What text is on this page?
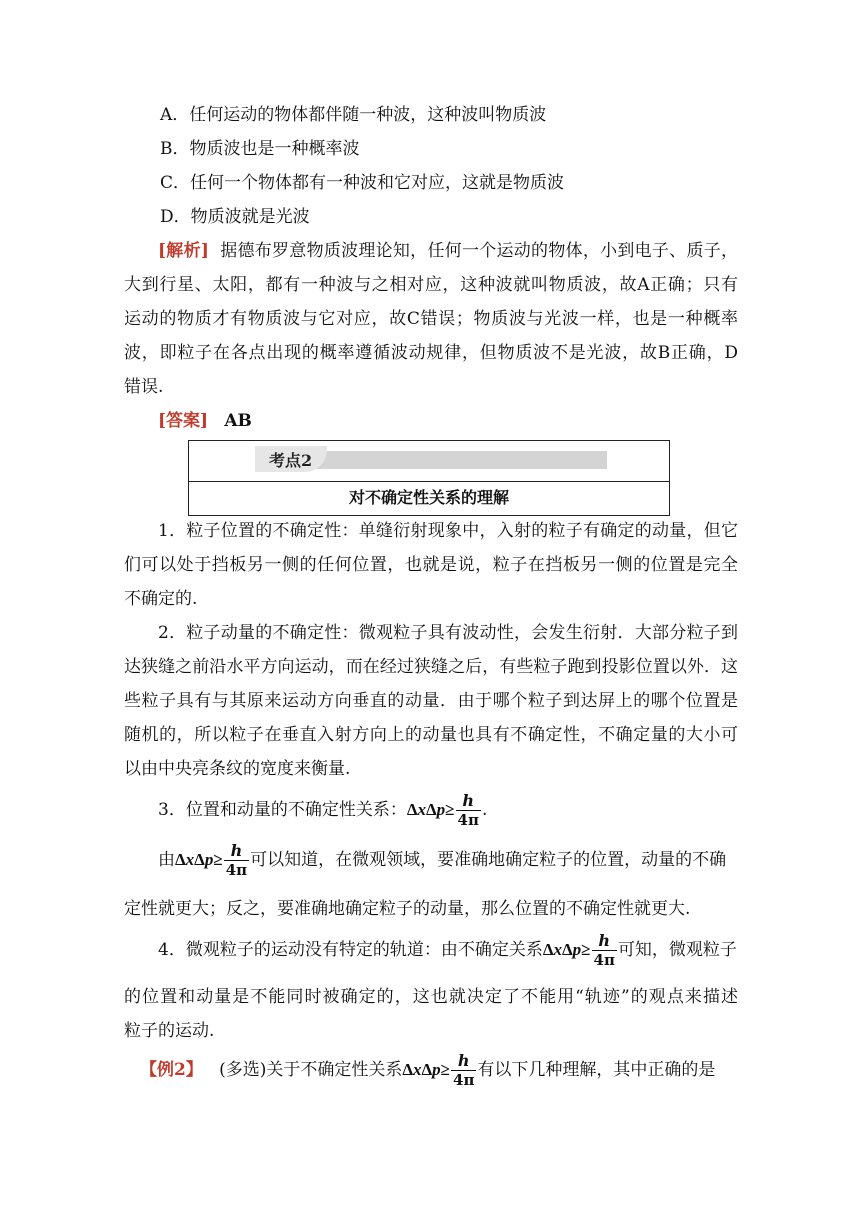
A．任何运动的物体都伴随一种波，这种波叫物质波
B．物质波也是一种概率波
C．任何一个物体都有一种波和它对应，这就是物质波
D．物质波就是光波
[解析] 据德布罗意物质波理论知，任何一个运动的物体，小到电子、质子，
大到行星、太阳，都有一种波与之相对应，这种波就叫物质波，故A正确；只有
运动的物质才有物质波与它对应，故C错误；物质波与光波一样，也是一种概率
波，即粒子在各点出现的概率遵循波动规律，但物质波不是光波，故B正确，D
错误.
[答案] AB
考点2
对不确定性关系的理解
1．粒子位置的不确定性：单缝衍射现象中，入射的粒子有确定的动量，但它
们可以处于挡板另一侧的任何位置，也就是说，粒子在挡板另一侧的位置是完全
不确定的.
2．粒子动量的不确定性：微观粒子具有波动性，会发生衍射．大部分粒子到
达狭缝之前沿水平方向运动，而在经过狭缝之后，有些粒子跑到投影位置以外．这
些粒子具有与其原来运动方向垂直的动量．由于哪个粒子到达屏上的哪个位置是
随机的，所以粒子在垂直入射方向上的动量也具有不确定性，不确定量的大小可
以由中央亮条纹的宽度来衡量.
3．位置和动量的不确定性关系：$\Delta x\Delta p\ge \frac{h}{4\pi}$ .
由$\Delta x\Delta p\ge \frac{h}{4\pi}$ 可以知道，在微观领域，要准确地确定粒子的位置，动量的不确
定性就更大；反之，要准确地确定粒子的动量，那么位置的不确定性就更大.
4．微观粒子的运动没有特定的轨道：由不确定关系$\Delta x\Delta p\ge \frac{h}{4\pi}$ 可知，微观粒子
的位置和动量是不能同时被确定的，这也就决定了不能用“轨迹”的观点来描述
粒子的运动.
【例2】 (多选)关于不确定性关系$\Delta x\Delta p\ge \frac{h}{4\pi}$ 有以下几种理解，其中正确的是
